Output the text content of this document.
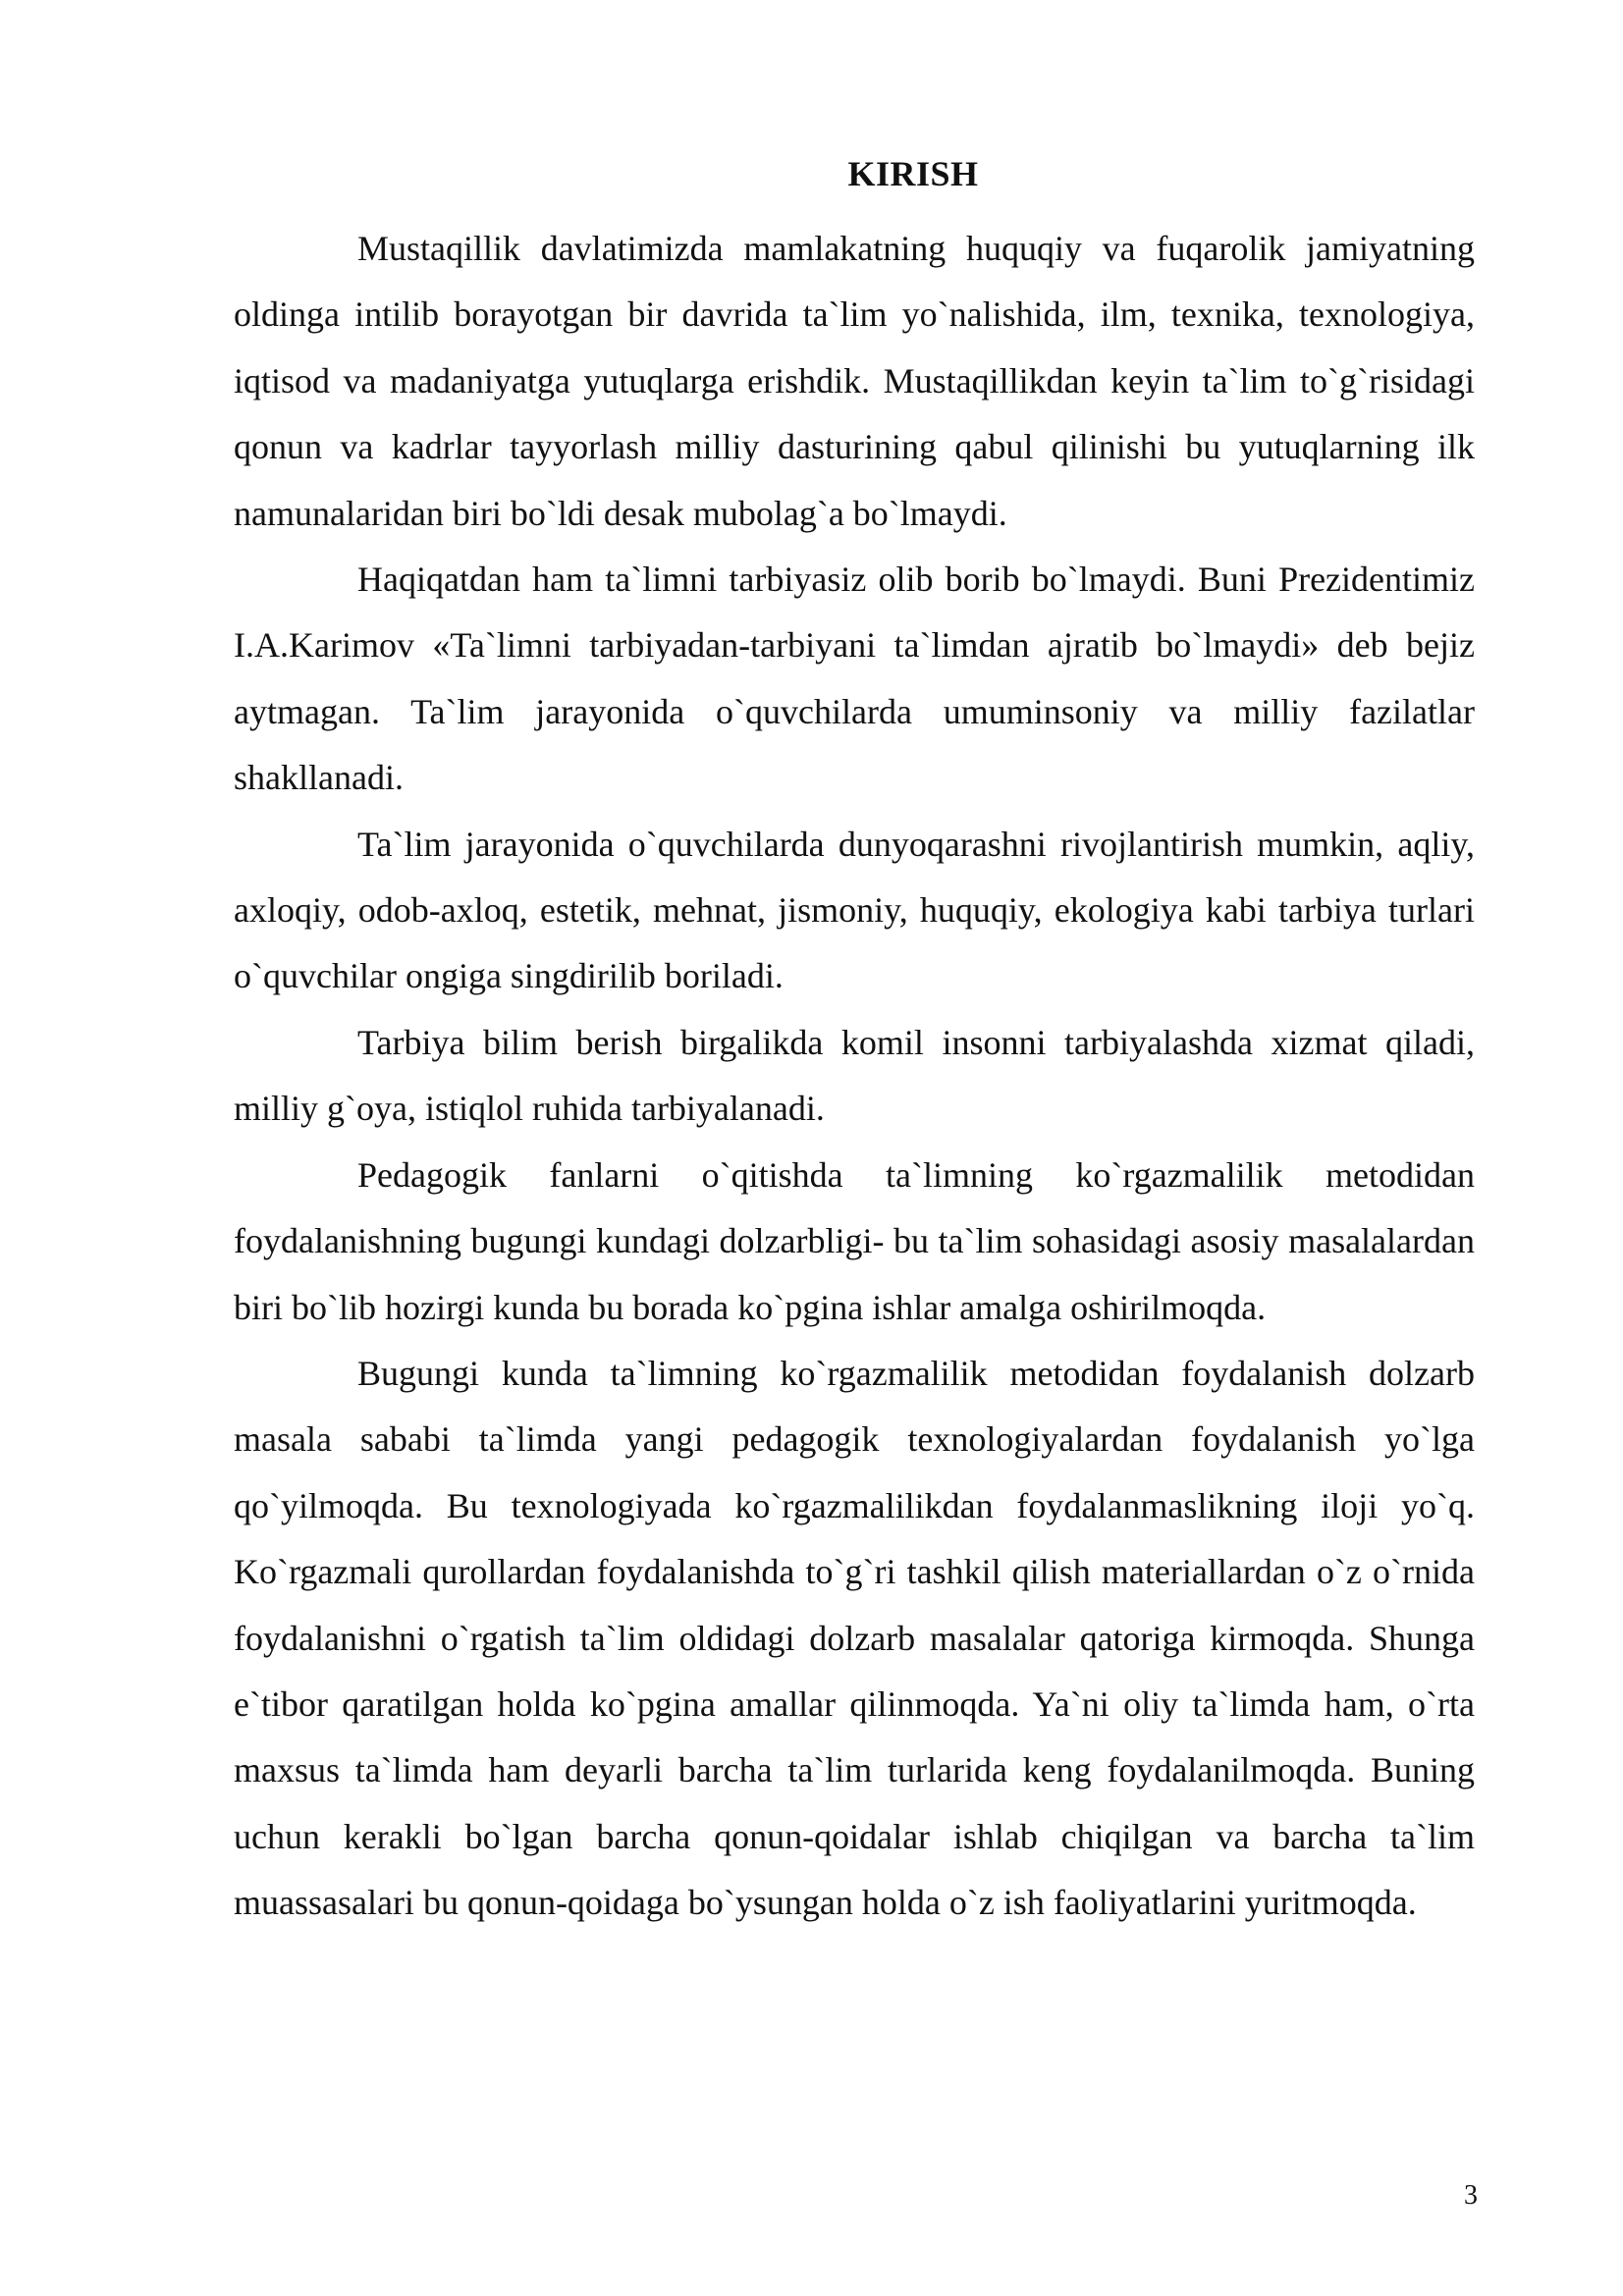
KIRISH

Mustaqillik davlatimizda mamlakatning huquqiy va fuqarolik jamiyatning oldinga intilib borayotgan bir davrida ta`lim yo`nalishida, ilm, texnika, texnologiya, iqtisod va madaniyatga yutuqlarga erishdik. Mustaqillikdan keyin ta`lim to`g`risidagi qonun va kadrlar tayyorlash milliy dasturining qabul qilinishi bu yutuqlarning ilk namunalaridan biri bo`ldi desak mubolag`a bo`lmaydi.

Haqiqatdan ham ta`limni tarbiyasiz olib borib bo`lmaydi. Buni Prezidentimiz I.A.Karimov «Ta`limni tarbiyadan-tarbiyani ta`limdan ajratib bo`lmaydi» deb bejiz aytmagan. Ta`lim jarayonida o`quvchilarda umuminsoniy va milliy fazilatlar shakllanadi.

Ta`lim jarayonida o`quvchilarda dunyoqarashni rivojlantirish mumkin, aqliy, axloqiy, odob-axloq, estetik, mehnat, jismoniy, huquqiy, ekologiya kabi tarbiya turlari o`quvchilar ongiga singdirilib boriladi.

Tarbiya bilim berish birgalikda komil insonni tarbiyalashda xizmat qiladi, milliy g`oya, istiqlol ruhida tarbiyalanadi.

Pedagogik fanlarni o`qitishda ta`limning ko`rgazmalilik metodidan foydalanishning bugungi kundagi dolzarbligi- bu ta`lim sohasidagi asosiy masalalardan biri bo`lib hozirgi kunda bu borada ko`pgina ishlar amalga oshirilmoqda.

Bugungi kunda ta`limning ko`rgazmalilik metodidan foydalanish dolzarb masala sababi ta`limda yangi pedagogik texnologiyalardan foydalanish yo`lga qo`yilmoqda. Bu texnologiyada ko`rgazmalilikdan foydalanmaslikning iloji yo`q. Ko`rgazmali qurollardan foydalanishda to`g`ri tashkil qilish materiallardan o`z o`rnida foydalanishni o`rgatish ta`lim oldidagi dolzarb masalalar qatoriga kirmoqda. Shunga e`tibor qaratilgan holda ko`pgina amallar qilinmoqda. Ya`ni oliy ta`limda ham, o`rta maxsus ta`limda ham deyarli barcha ta`lim turlarida keng foydalanilmoqda. Buning uchun kerakli bo`lgan barcha qonun-qoidalar ishlab chiqilgan va barcha ta`lim muassasalari bu qonun-qoidaga bo`ysungan holda o`z ish faoliyatlarini yuritmoqda.

3
